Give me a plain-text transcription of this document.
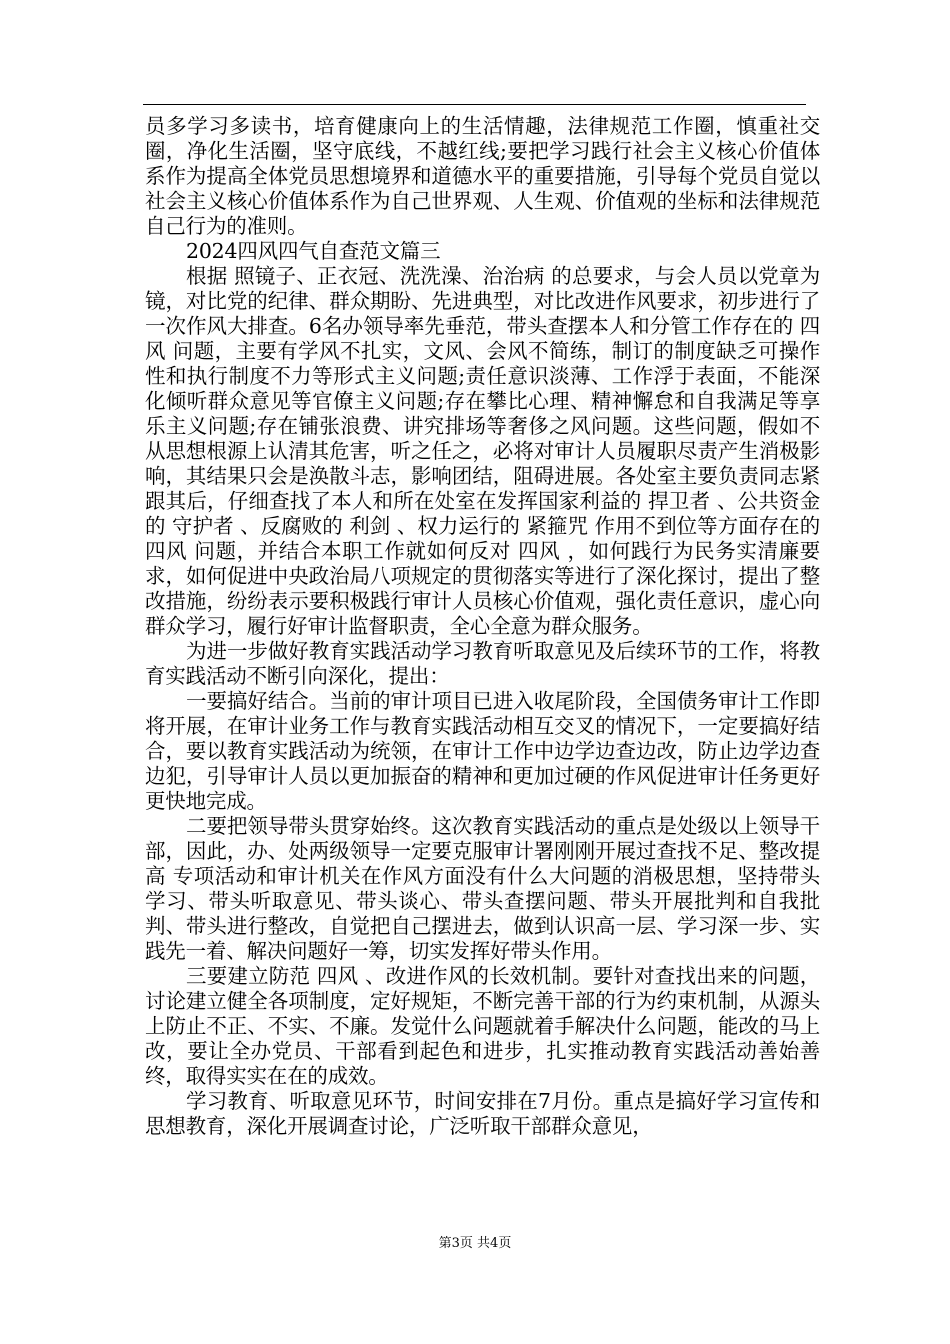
员多学习多读书，培育健康向上的生活情趣，法律规范工作圈，慎重社交圈，净化生活圈，坚守底线，不越红线;要把学习践行社会主义核心价值体系作为提高全体党员思想境界和道德水平的重要措施，引导每个党员自觉以社会主义核心价值体系作为自己世界观、人生观、价值观的坐标和法律规范自己行为的准则。

2024四风四气自查范文篇三

根据 照镜子、正衣冠、洗洗澡、治治病 的总要求，与会人员以党章为镜，对比党的纪律、群众期盼、先进典型，对比改进作风要求，初步进行了一次作风大排查。6名办领导率先垂范，带头查摆本人和分管工作存在的 四风 问题，主要有学风不扎实，文风、会风不简练，制订的制度缺乏可操作性和执行制度不力等形式主义问题;责任意识淡薄、工作浮于表面，不能深化倾听群众意见等官僚主义问题;存在攀比心理、精神懈怠和自我满足等享乐主义问题;存在铺张浪费、讲究排场等奢侈之风问题。这些问题，假如不从思想根源上认清其危害，听之任之，必将对审计人员履职尽责产生消极影响，其结果只会是涣散斗志，影响团结，阻碍进展。各处室主要负责同志紧跟其后，仔细查找了本人和所在处室在发挥国家利益的 捍卫者 、公共资金的 守护者 、反腐败的 利剑 、权力运行的 紧箍咒 作用不到位等方面存在的 四风 问题，并结合本职工作就如何反对 四风 ，如何践行为民务实清廉要求，如何促进中央政治局八项规定的贯彻落实等进行了深化探讨，提出了整改措施，纷纷表示要积极践行审计人员核心价值观，强化责任意识，虚心向群众学习，履行好审计监督职责，全心全意为群众服务。

为进一步做好教育实践活动学习教育听取意见及后续环节的工作，将教育实践活动不断引向深化，提出：

一要搞好结合。当前的审计项目已进入收尾阶段，全国债务审计工作即将开展，在审计业务工作与教育实践活动相互交叉的情况下，一定要搞好结合，要以教育实践活动为统领，在审计工作中边学边查边改，防止边学边查边犯，引导审计人员以更加振奋的精神和更加过硬的作风促进审计任务更好更快地完成。

二要把领导带头贯穿始终。这次教育实践活动的重点是处级以上领导干部，因此，办、处两级领导一定要克服审计署刚刚开展过查找不足、整改提高 专项活动和审计机关在作风方面没有什么大问题的消极思想，坚持带头学习、带头听取意见、带头谈心、带头查摆问题、带头开展批判和自我批判、带头进行整改，自觉把自己摆进去，做到认识高一层、学习深一步、实践先一着、解决问题好一筹，切实发挥好带头作用。

三要建立防范 四风 、改进作风的长效机制。要针对查找出来的问题，讨论建立健全各项制度，定好规矩，不断完善干部的行为约束机制，从源头上防止不正、不实、不廉。发觉什么问题就着手解决什么问题，能改的马上改，要让全办党员、干部看到起色和进步，扎实推动教育实践活动善始善终，取得实实在在的成效。

学习教育、听取意见环节，时间安排在7月份。重点是搞好学习宣传和思想教育，深化开展调查讨论，广泛听取干部群众意见，

第3页 共4页
